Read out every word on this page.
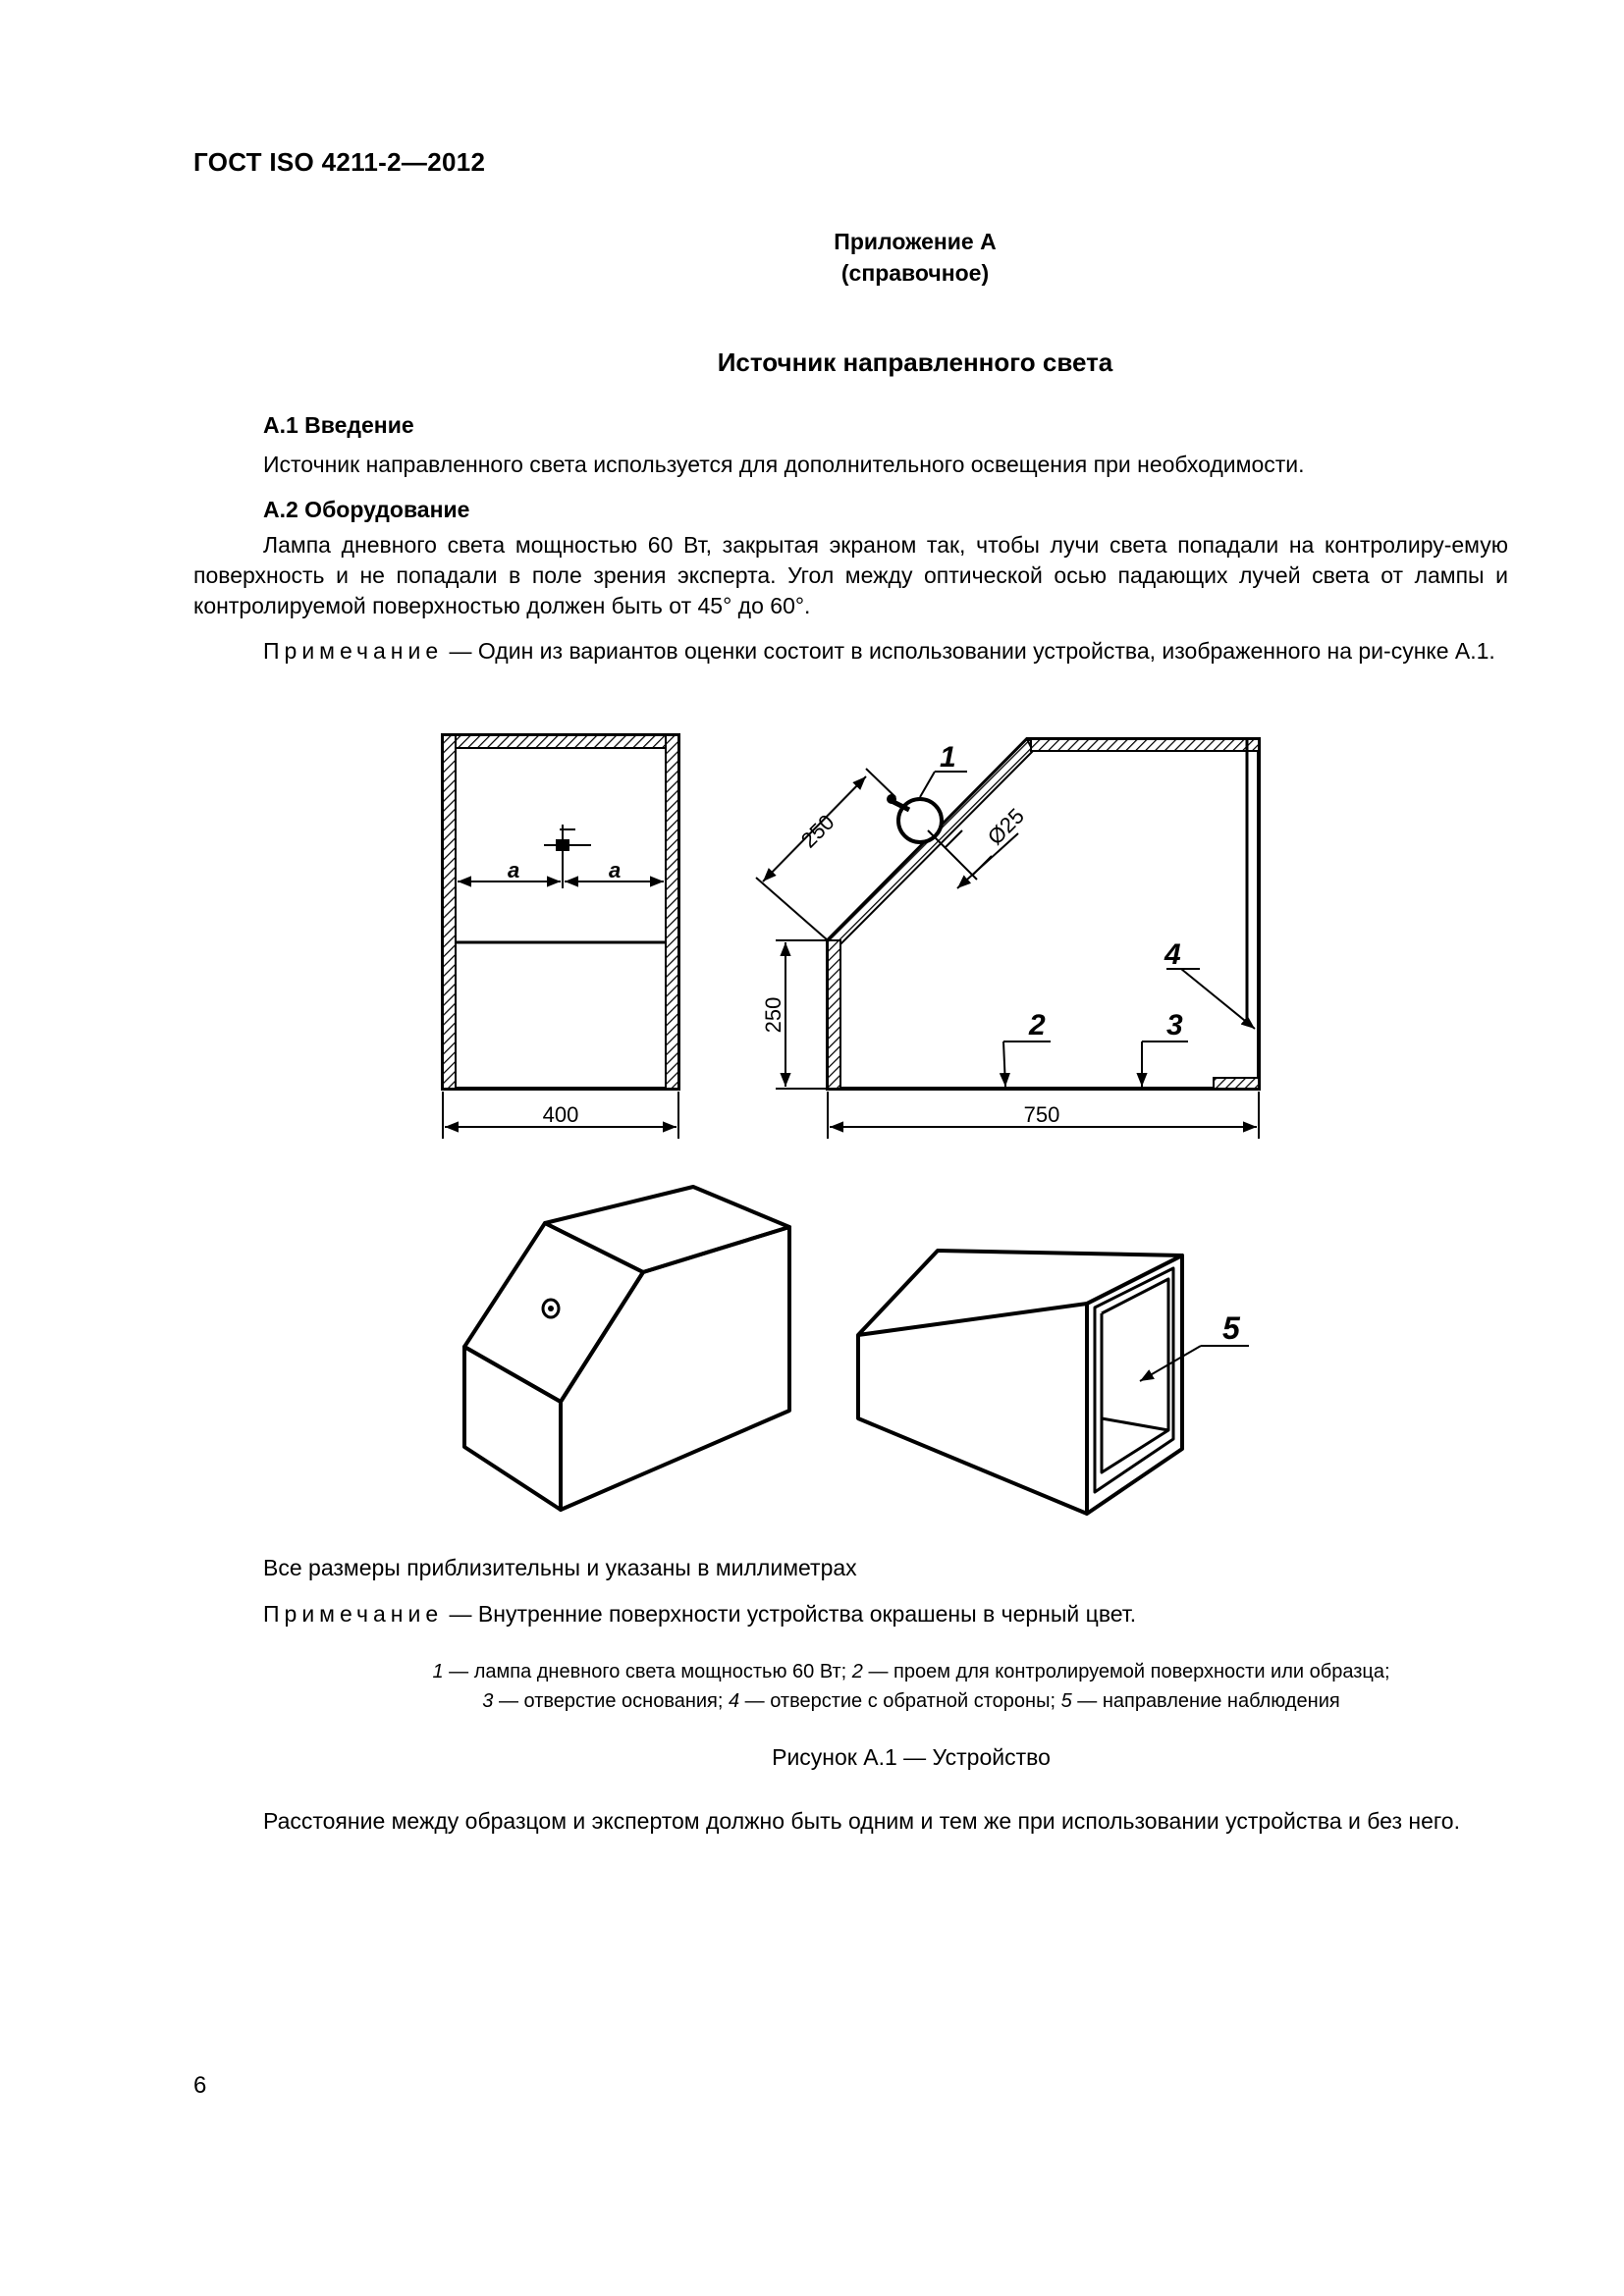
ГОСТ ISO 4211-2—2012
Приложение А
(справочное)
Источник направленного света
А.1 Введение
Источник направленного света используется для дополнительного освещения при необходимости.
А.2 Оборудование
Лампа дневного света мощностью 60 Вт, закрытая экраном так, чтобы лучи света попадали на контролиру-емую поверхность и не попадали в поле зрения эксперта. Угол между оптической осью падающих лучей света от лампы и контролируемой поверхностью должен быть от 45° до 60°.
Примечание — Один из вариантов оценки состоит в использовании устройства, изображенного на ри-сунке А.1.
a	a
400
Ø25
250
250
750
1
2	3
4
5
Все размеры приблизительны и указаны в миллиметрах
Примечание — Внутренние поверхности устройства окрашены в черный цвет.
1 — лампа дневного света мощностью 60 Вт; 2 — проем для контролируемой поверхности или образца;
3 — отверстие основания; 4 — отверстие с обратной стороны; 5 — направление наблюдения
Рисунок А.1 — Устройство
Расстояние между образцом и экспертом должно быть одним и тем же при использовании устройства и без него.
6
